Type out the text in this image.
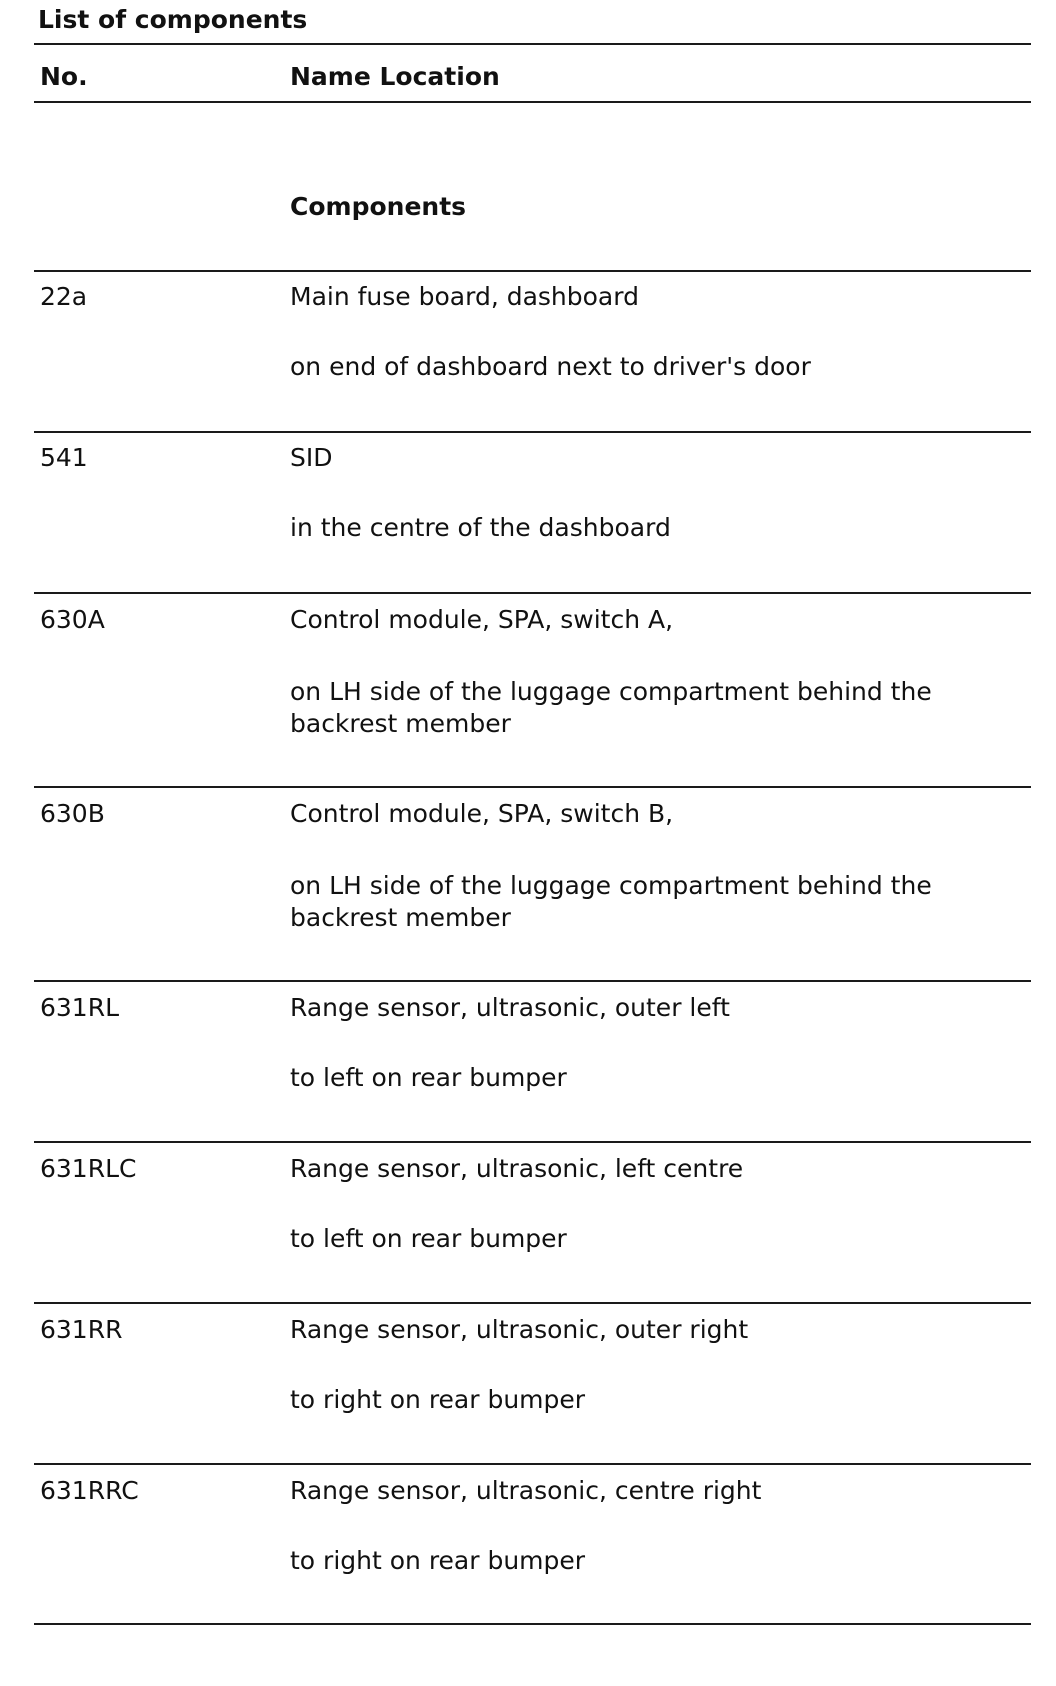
List of components
No.	Name Location
Components
22a	Main fuse board, dashboard
on end of dashboard next to driver's door
541	SID
in the centre of the dashboard
630A	Control module, SPA, switch A,
on LH side of the luggage compartment behind the backrest member
630B	Control module, SPA, switch B,
on LH side of the luggage compartment behind the backrest member
631RL	Range sensor, ultrasonic, outer left
to left on rear bumper
631RLC	Range sensor, ultrasonic, left centre
to left on rear bumper
631RR	Range sensor, ultrasonic, outer right
to right on rear bumper
631RRC	Range sensor, ultrasonic, centre right
to right on rear bumper
